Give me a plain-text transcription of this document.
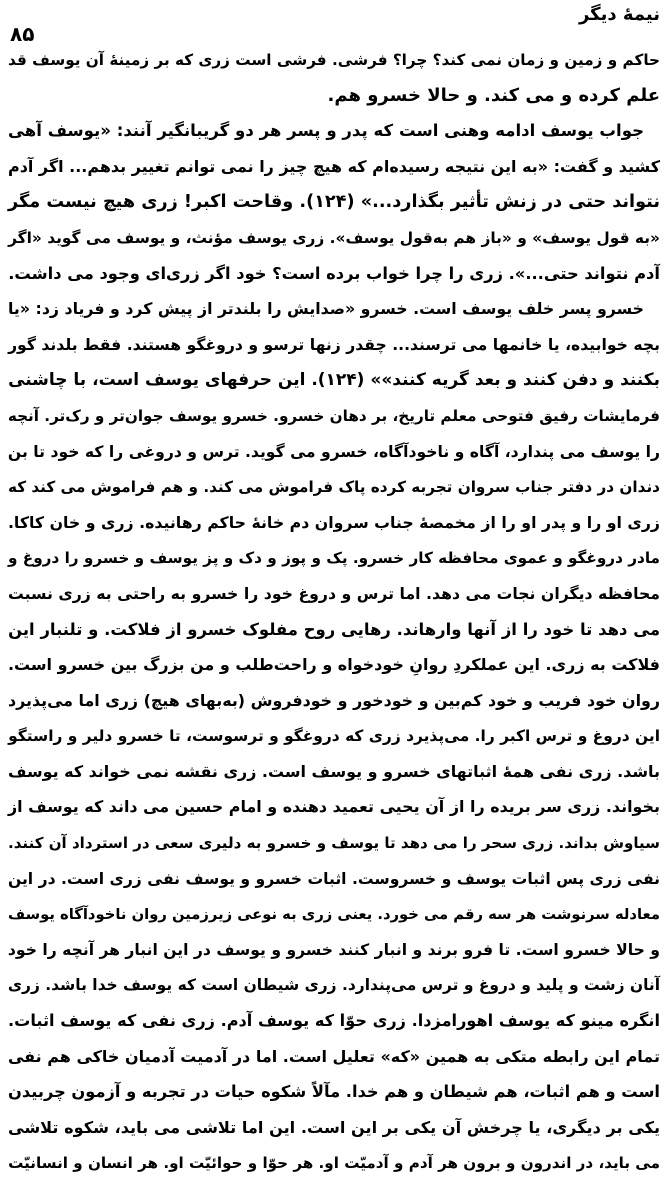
نیمهٔ دیگر
۸۵
حاکم و زمین و زمان نمی کند؟ چرا؟ فرشی. فرشی است زری که بر زمینهٔ آن یوسف قد
علم کرده و می کند. و حالا خسرو هم.
جواب یوسف ادامه وهنی است که پدر و پسر هر دو گریبانگیر آنند: «یوسف آهی
کشید و گفت: «به این نتیجه رسیده‌ام که هیچ چیز را نمی توانم تغییر بدهم... اگر آدم
نتواند حتی در زنش تأثیر بگذارد...» (۱۲۴). وقاحت اکبر! زری هیچ نیست مگر
«به قول یوسف» و «باز هم به‌قول یوسف». زری یوسف مؤنث، و یوسف می گوید «اگر
آدم نتواند حتی...». زری را چرا خواب برده است؟ خود اگر زری‌ای وجود می داشت.
خسرو پسر خلف یوسف است. خسرو «صدایش را بلندتر از پیش کرد و فریاد زد: «یا
بچه خوابیده، یا خانمها می ترسند... چقدر زنها ترسو و دروغگو هستند. فقط بلدند گور
بکنند و دفن کنند و بعد گریه کنند»» (۱۲۴). این حرفهای یوسف است، با چاشنی
فرمایشات رفیق فتوحی معلم تاریخ، بر دهان خسرو. خسرو یوسف جوان‌تر و رک‌تر. آنچه
را یوسف می پندارد، آگاه و ناخودآگاه، خسرو می گوید. ترس و دروغی را که خود تا بن
دندان در دفتر جناب سروان تجربه کرده پاک فراموش می کند. و هم فراموش می کند که
زری او را و پدر او را از مخمصهٔ جناب سروان دم خانهٔ حاکم رهانیده. زری و خان کاکا.
مادر دروغگو و عموی محافظه کار خسرو. پک و پوز و دک و پز یوسف و خسرو را دروغ و
محافظه دیگران نجات می دهد. اما ترس و دروغ خود را خسرو به راحتی به زری نسبت
می دهد تا خود را از آنها وارهاند. رهایی روح مفلوک خسرو از فلاکت. و تلنبار این
فلاکت به زری. این عملکردِ روانِ خودخواه و راحت‌طلب و من بزرگ بین خسرو است.
روان خود فریب و خود کم‌بین و خودخور و خودفروش (به‌بهای هیچ) زری اما می‌پذیرد
این دروغ و ترس اکبر را. می‌پذیرد زری که دروغگو و ترسوست، تا خسرو دلیر و راستگو
باشد. زری نفی همهٔ اثباتهای خسرو و یوسف است. زری نقشه نمی خواند که یوسف
بخواند. زری سر بریده را از آن یحیی تعمید دهنده و امام حسین می داند که یوسف از
سیاوش بداند. زری سحر را می دهد تا یوسف و خسرو به دلیری سعی در استرداد آن کنند.
نفی زری پس اثبات یوسف و خسروست. اثبات خسرو و یوسف نفی زری است. در این
معادله سرنوشت هر سه رقم می خورد. یعنی زری به نوعی زیرزمین روان ناخودآگاه یوسف
و حالا خسرو است. تا فرو برند و انبار کنند خسرو و یوسف در این انبار هر آنچه را خود
آنان زشت و پلید و دروغ و ترس می‌پندارد. زری شیطان است که یوسف خدا باشد. زری
انگره مینو که یوسف اهورامزدا. زری حوّا که یوسف آدم. زری نفی که یوسف اثبات.
تمام این رابطه متکی به همین «که» تعلیل است. اما در آدمیت آدمیان خاکی هم نفی
است و هم اثبات، هم شیطان و هم خدا. مآلاً شکوه حیات در تجربه و آزمون چربیدن
یکی بر دیگری، یا چرخش آن یکی بر این است. این اما تلاشی می باید، شکوه تلاشی
می باید، در اندرون و برون هر آدم و آدمیّت او. هر حوّا و حوائیّت او. هر انسان و انسانیّت
